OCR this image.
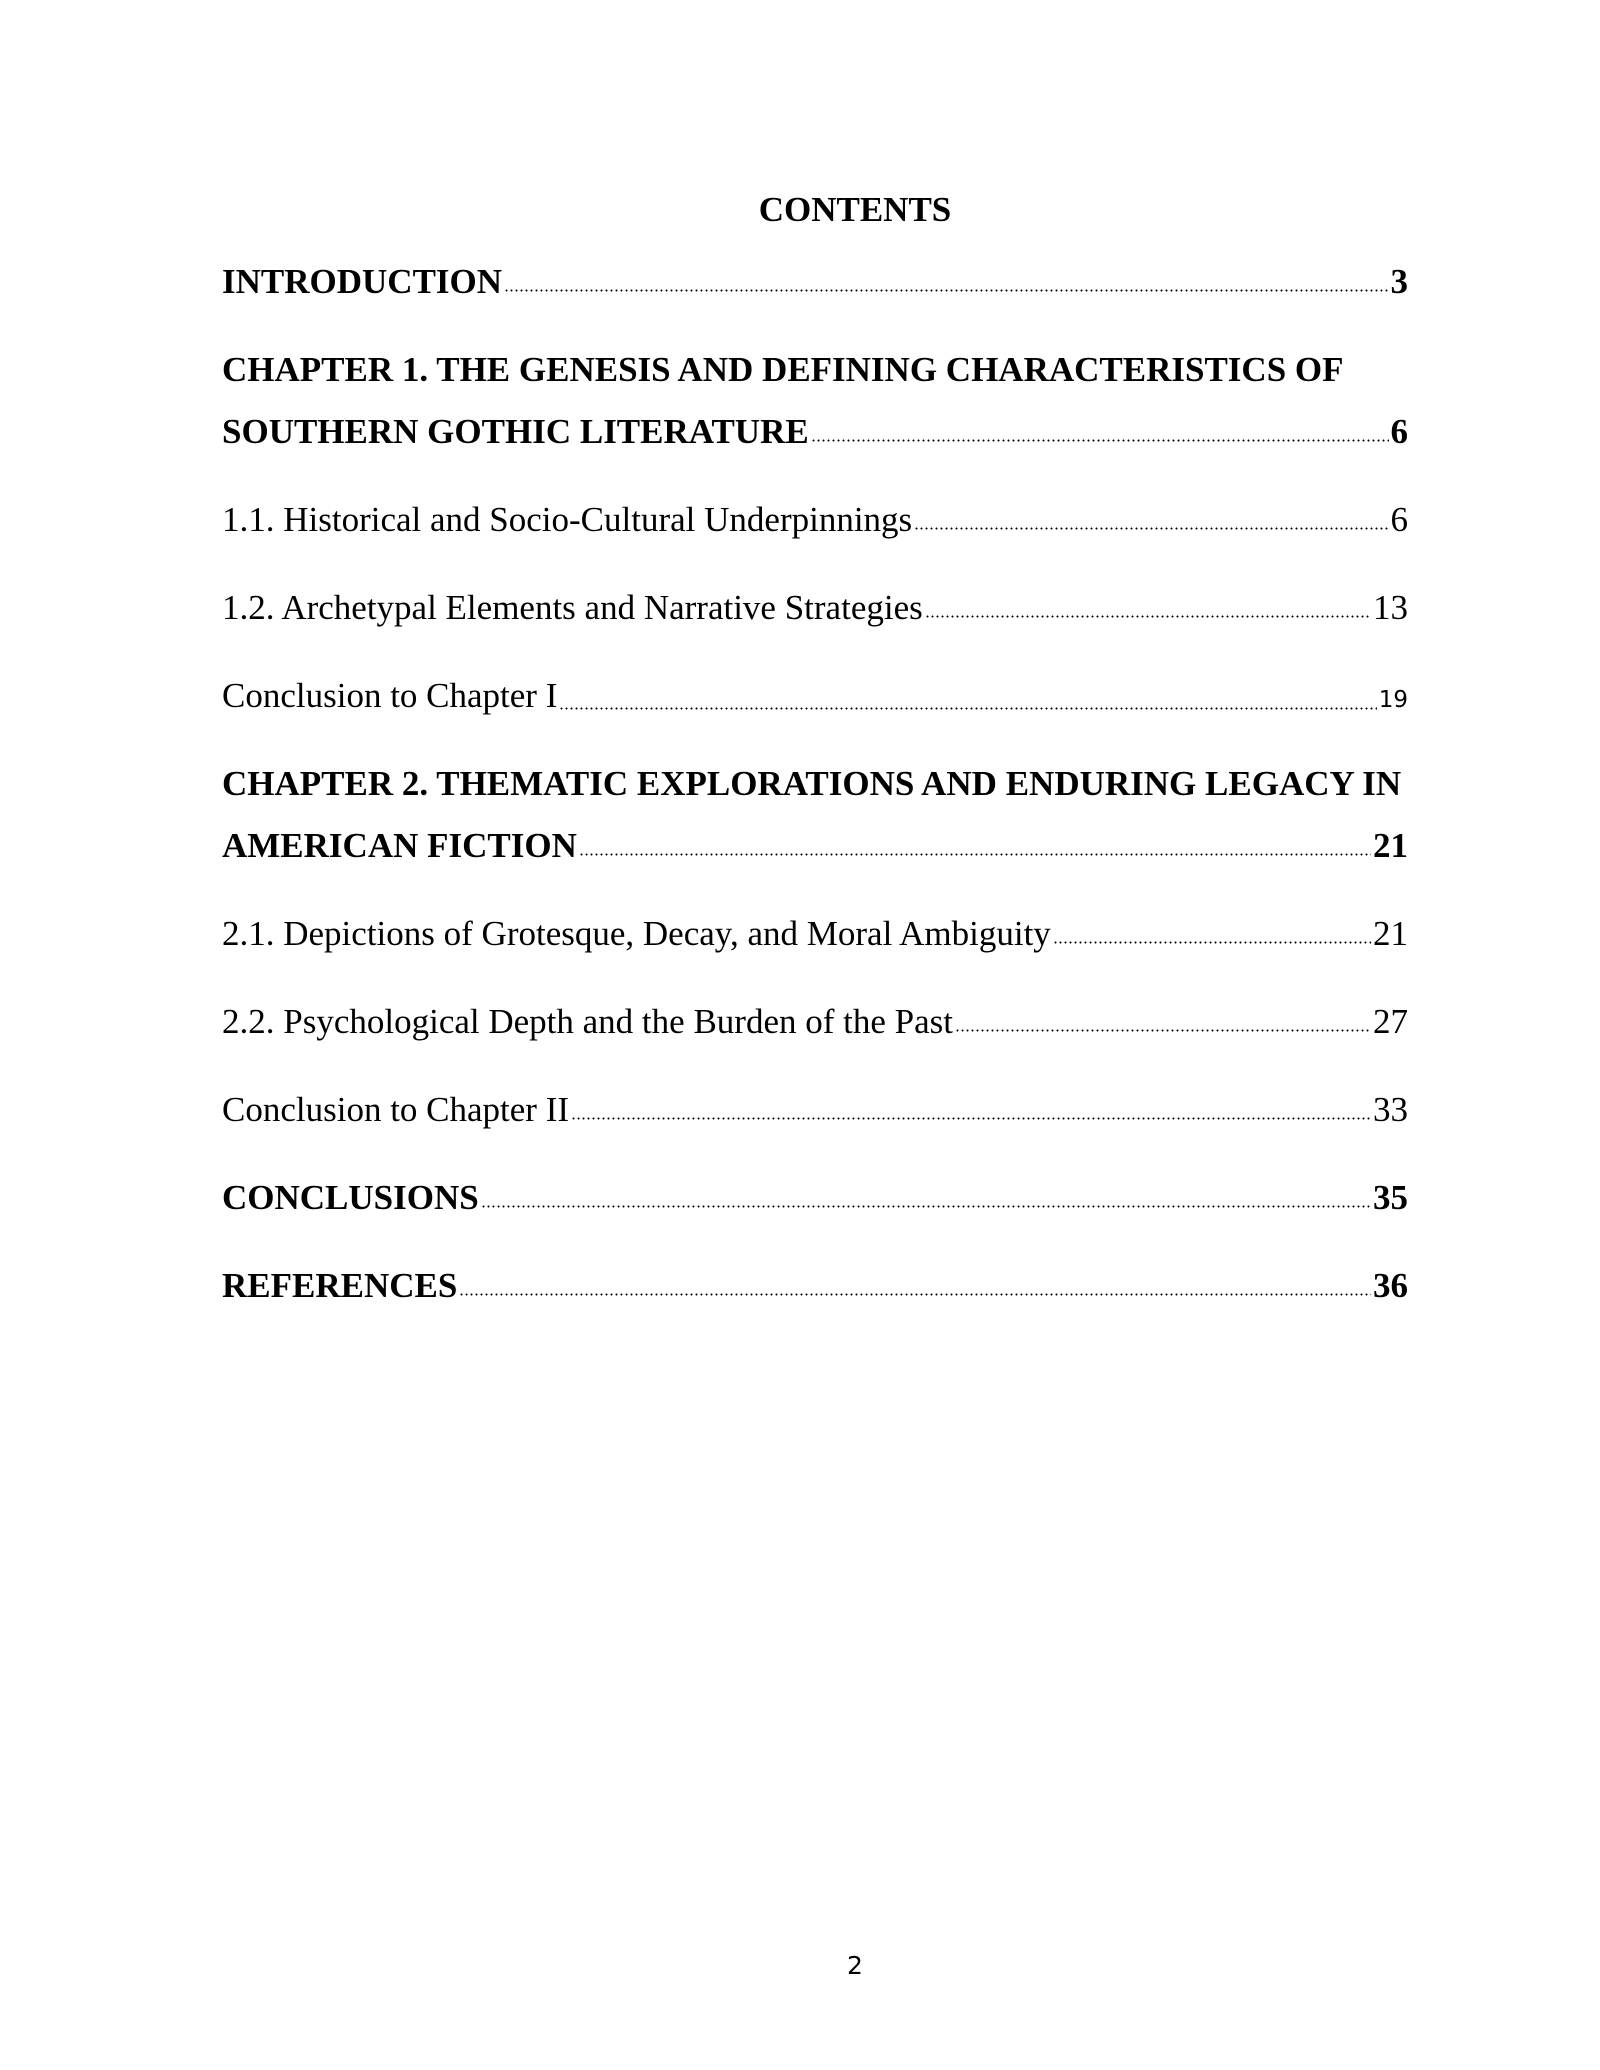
CONTENTS
INTRODUCTION	3
CHAPTER 1. THE GENESIS AND DEFINING CHARACTERISTICS OF
SOUTHERN GOTHIC LITERATURE	6
1.1. Historical and Socio-Cultural Underpinnings	6
1.2. Archetypal Elements and Narrative Strategies	13
Conclusion to Chapter I	19
CHAPTER 2. THEMATIC EXPLORATIONS AND ENDURING LEGACY IN
AMERICAN FICTION	21
2.1. Depictions of Grotesque, Decay, and Moral Ambiguity	21
2.2. Psychological Depth and the Burden of the Past	27
Conclusion to Chapter II	33
CONCLUSIONS	35
REFERENCES	36
2
